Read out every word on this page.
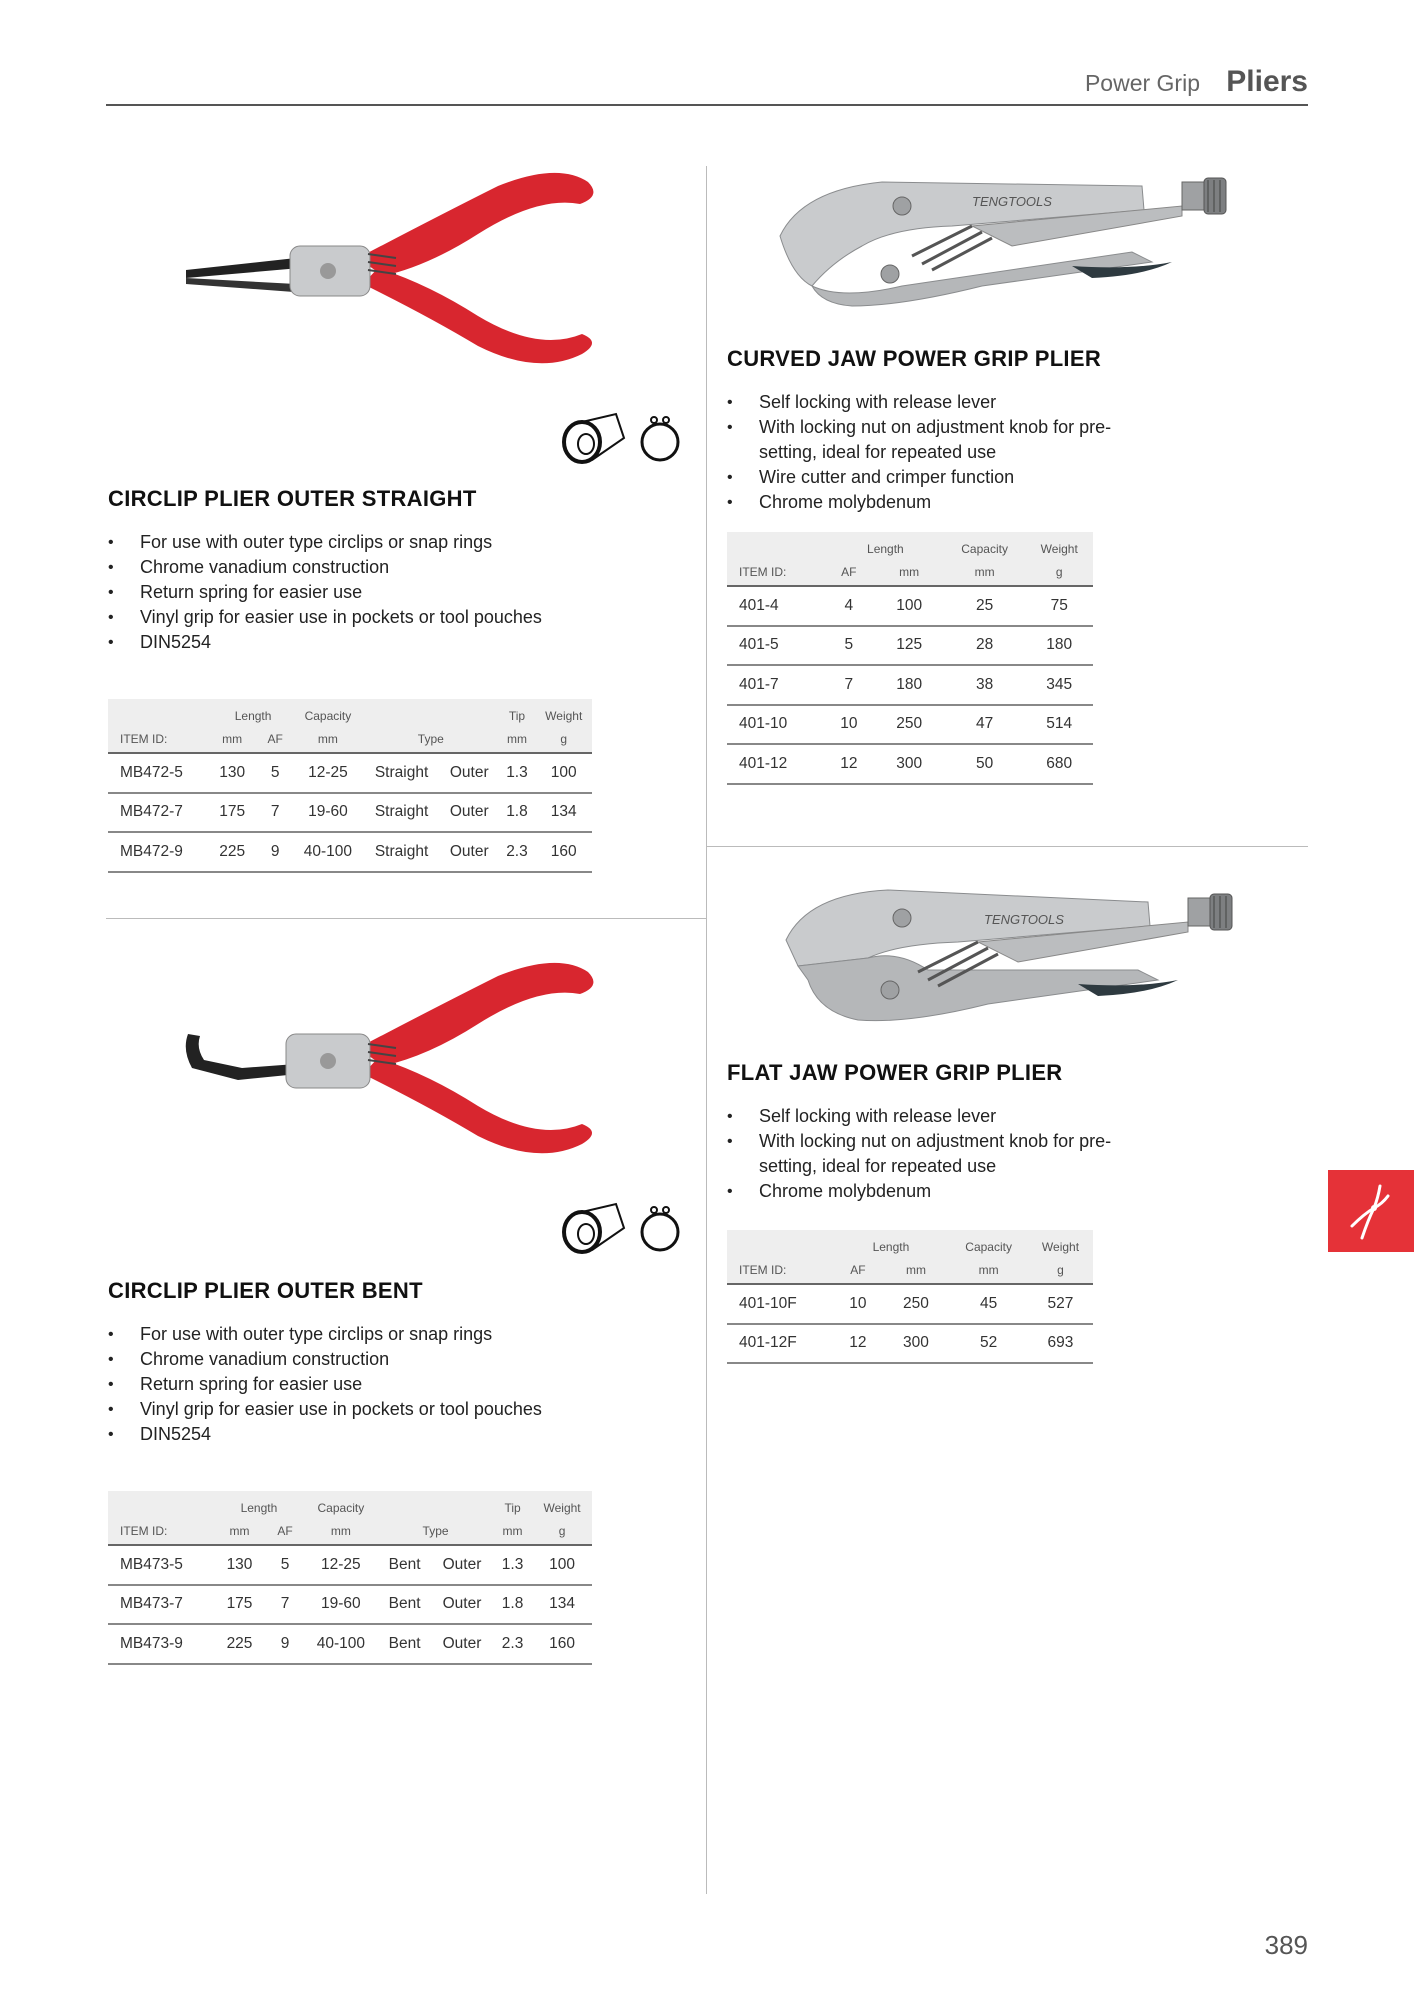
Power Grip Pliers
CIRCLIP PLIER OUTER STRAIGHT
• For use with outer type circlips or snap rings
• Chrome vanadium construction
• Return spring for easier use
• Vinyl grip for easier use in pockets or tool pouches
• DIN5254
	Length		Capacity			Tip	Weight
ITEM ID:	mm	AF	mm	Type		mm	g
MB472-5	130	5	12-25	Straight	Outer	1.3	100
MB472-7	175	7	19-60	Straight	Outer	1.8	134
MB472-9	225	9	40-100	Straight	Outer	2.3	160
CIRCLIP PLIER OUTER BENT
• For use with outer type circlips or snap rings
• Chrome vanadium construction
• Return spring for easier use
• Vinyl grip for easier use in pockets or tool pouches
• DIN5254
	Length		Capacity			Tip	Weight
ITEM ID:	mm	AF	mm	Type		mm	g
MB473-5	130	5	12-25	Bent	Outer	1.3	100
MB473-7	175	7	19-60	Bent	Outer	1.8	134
MB473-9	225	9	40-100	Bent	Outer	2.3	160
TENGTOOLS
CURVED JAW POWER GRIP PLIER
• Self locking with release lever
• With locking nut on adjustment knob for pre-setting, ideal for repeated use
• Wire cutter and crimper function
• Chrome molybdenum
	Length		Capacity	Weight
ITEM ID:	AF	mm	mm	g
401-4	4	100	25	75
401-5	5	125	28	180
401-7	7	180	38	345
401-10	10	250	47	514
401-12	12	300	50	680
TENGTOOLS
FLAT JAW POWER GRIP PLIER
• Self locking with release lever
• With locking nut on adjustment knob for pre-setting, ideal for repeated use
• Chrome molybdenum
	Length		Capacity	Weight
ITEM ID:	AF	mm	mm	g
401-10F	10	250	45	527
401-12F	12	300	52	693
389
